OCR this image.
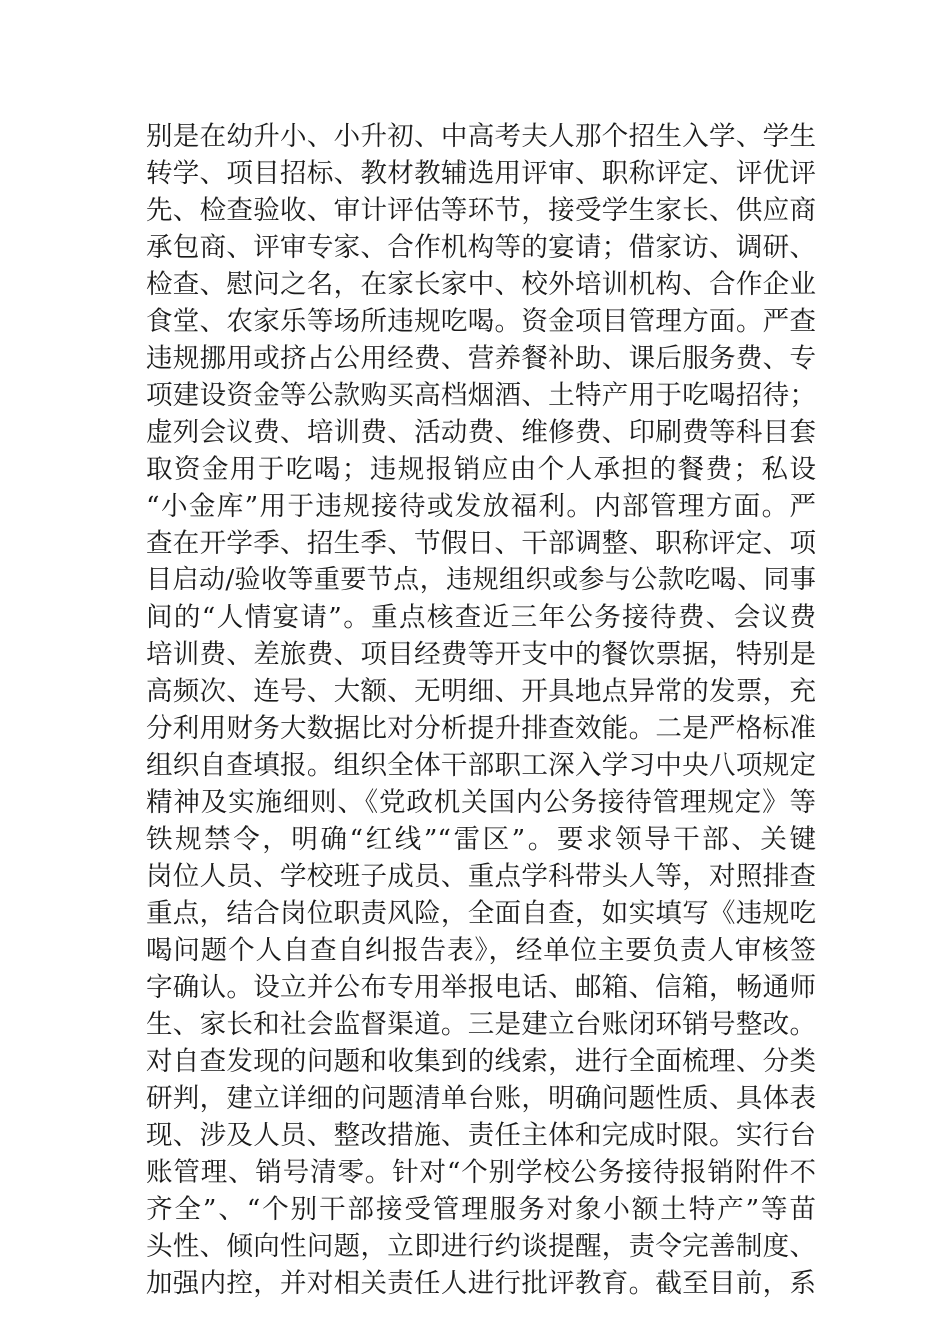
别是在幼升小、小升初、中高考夫人那个招生入学、学生
转学、项目招标、教材教辅选用评审、职称评定、评优评
先、检查验收、审计评估等环节，接受学生家长、供应商
承包商、评审专家、合作机构等的宴请；借家访、调研、
检查、慰问之名，在家长家中、校外培训机构、合作企业
食堂、农家乐等场所违规吃喝。资金项目管理方面。严查
违规挪用或挤占公用经费、营养餐补助、课后服务费、专
项建设资金等公款购买高档烟酒、土特产用于吃喝招待；
虚列会议费、培训费、活动费、维修费、印刷费等科目套
取资金用于吃喝；违规报销应由个人承担的餐费；私设
“小金库”用于违规接待或发放福利。内部管理方面。严
查在开学季、招生季、节假日、干部调整、职称评定、项
目启动/验收等重要节点，违规组织或参与公款吃喝、同事
间的“人情宴请”。重点核查近三年公务接待费、会议费
培训费、差旅费、项目经费等开支中的餐饮票据，特别是
高频次、连号、大额、无明细、开具地点异常的发票，充
分利用财务大数据比对分析提升排查效能。二是严格标准
组织自查填报。组织全体干部职工深入学习中央八项规定
精神及实施细则、《党政机关国内公务接待管理规定》等
铁规禁令，明确“红线”“雷区”。要求领导干部、关键
岗位人员、学校班子成员、重点学科带头人等，对照排查
重点，结合岗位职责风险，全面自查，如实填写《违规吃
喝问题个人自查自纠报告表》，经单位主要负责人审核签
字确认。设立并公布专用举报电话、邮箱、信箱，畅通师
生、家长和社会监督渠道。三是建立台账闭环销号整改。
对自查发现的问题和收集到的线索，进行全面梳理、分类
研判，建立详细的问题清单台账，明确问题性质、具体表
现、涉及人员、整改措施、责任主体和完成时限。实行台
账管理、销号清零。针对“个别学校公务接待报销附件不
齐全”、“个别干部接受管理服务对象小额土特产”等苗
头性、倾向性问题，立即进行约谈提醒，责令完善制度、
加强内控，并对相关责任人进行批评教育。截至目前，系
